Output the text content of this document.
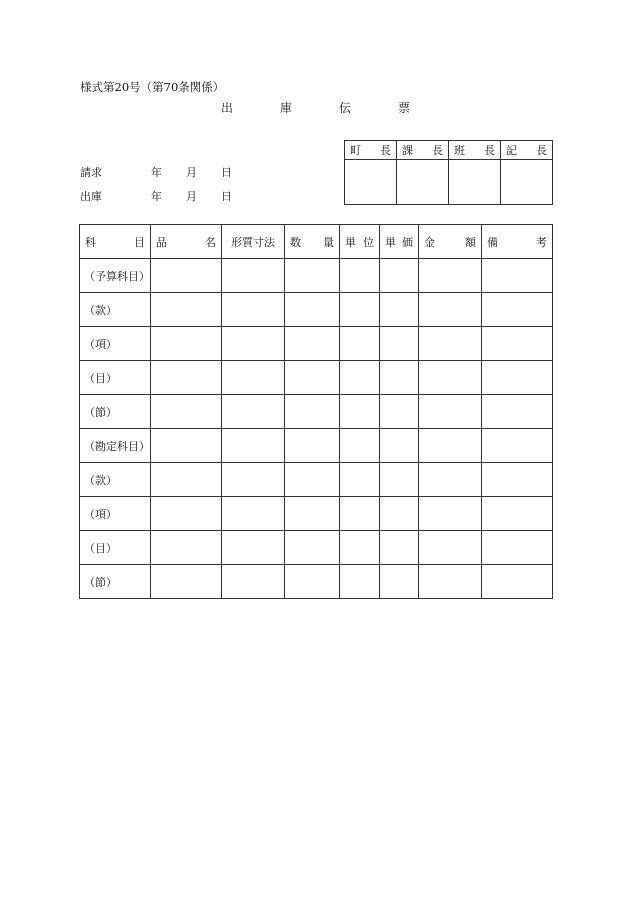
様式第20号（第70条関係）
出	庫	伝	票
請求	年 月 日
出庫	年 月 日
町 長	課 長	班 長	記 長

科 目	品 名	形質寸法	数 量	単 位	単 価	金 額	備 考

（予算科目）							
（款）							
（項）							
（目）							
（節）							
（勘定科目）							
（款）							
（項）							
（目）							
（節）							
